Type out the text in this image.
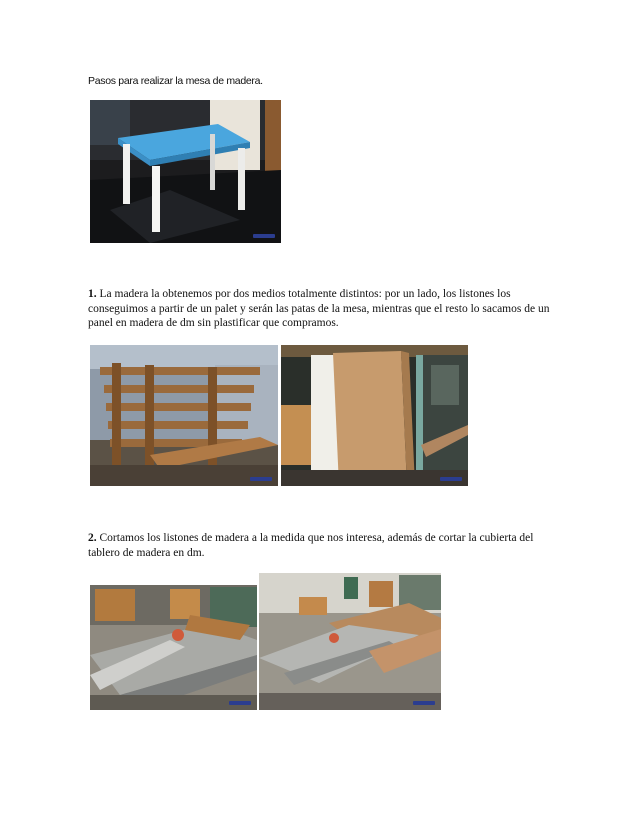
Pasos para realizar la mesa de madera.
1. La madera la obtenemos por dos medios totalmente distintos: por un lado, los listones los conseguimos a partir de un palet y serán las patas de la mesa, mientras que el resto lo sacamos de un panel en madera de dm sin plastificar que compramos.
2. Cortamos los listones de madera a la medida que nos interesa, además de cortar la cubierta del tablero de madera en dm.
